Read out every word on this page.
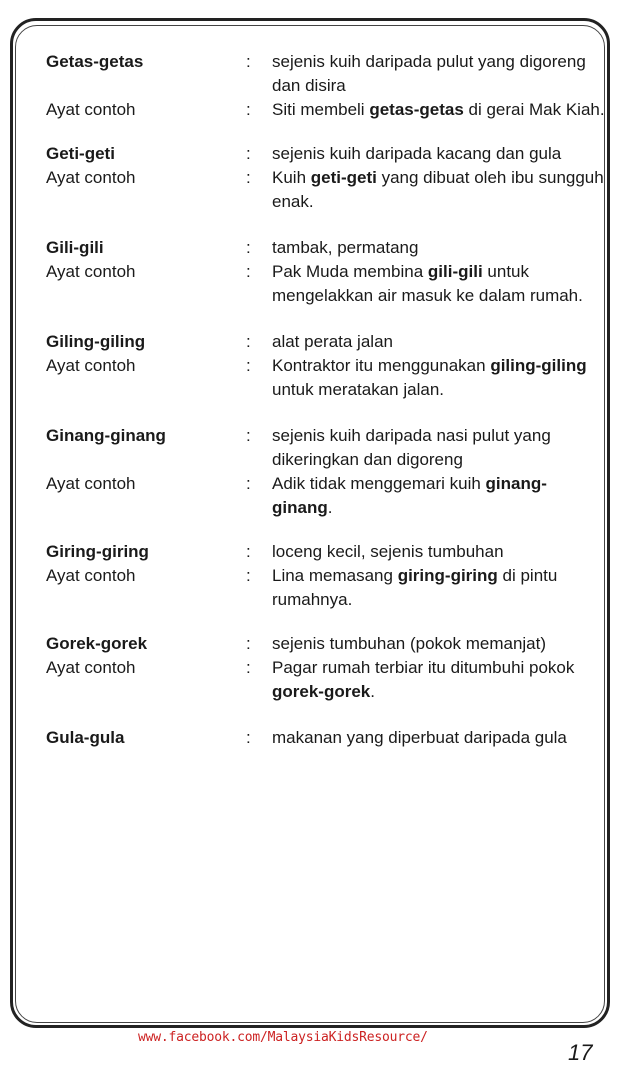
Getas-getas	:	sejenis kuih daripada pulut yang digoreng dan disira
Ayat contoh	:	Siti membeli getas-getas di gerai Mak Kiah.
Geti-geti	:	sejenis kuih daripada kacang dan gula
Ayat contoh	:	Kuih geti-geti yang dibuat oleh ibu sungguh enak.
Gili-gili	:	tambak, permatang
Ayat contoh	:	Pak Muda membina gili-gili untuk mengelakkan air masuk ke dalam rumah.
Giling-giling	:	alat perata jalan
Ayat contoh	:	Kontraktor itu menggunakan giling-giling untuk meratakan jalan.
Ginang-ginang	:	sejenis kuih daripada nasi pulut yang dikeringkan dan digoreng
Ayat contoh	:	Adik tidak menggemari kuih ginang-ginang.
Giring-giring	:	loceng kecil, sejenis tumbuhan
Ayat contoh	:	Lina memasang giring-giring di pintu rumahnya.
Gorek-gorek	:	sejenis tumbuhan (pokok memanjat)
Ayat contoh	:	Pagar rumah terbiar itu ditumbuhi pokok gorek-gorek.
Gula-gula	:	makanan yang diperbuat daripada gula
www.facebook.com/MalaysiaKidsResource/
17
